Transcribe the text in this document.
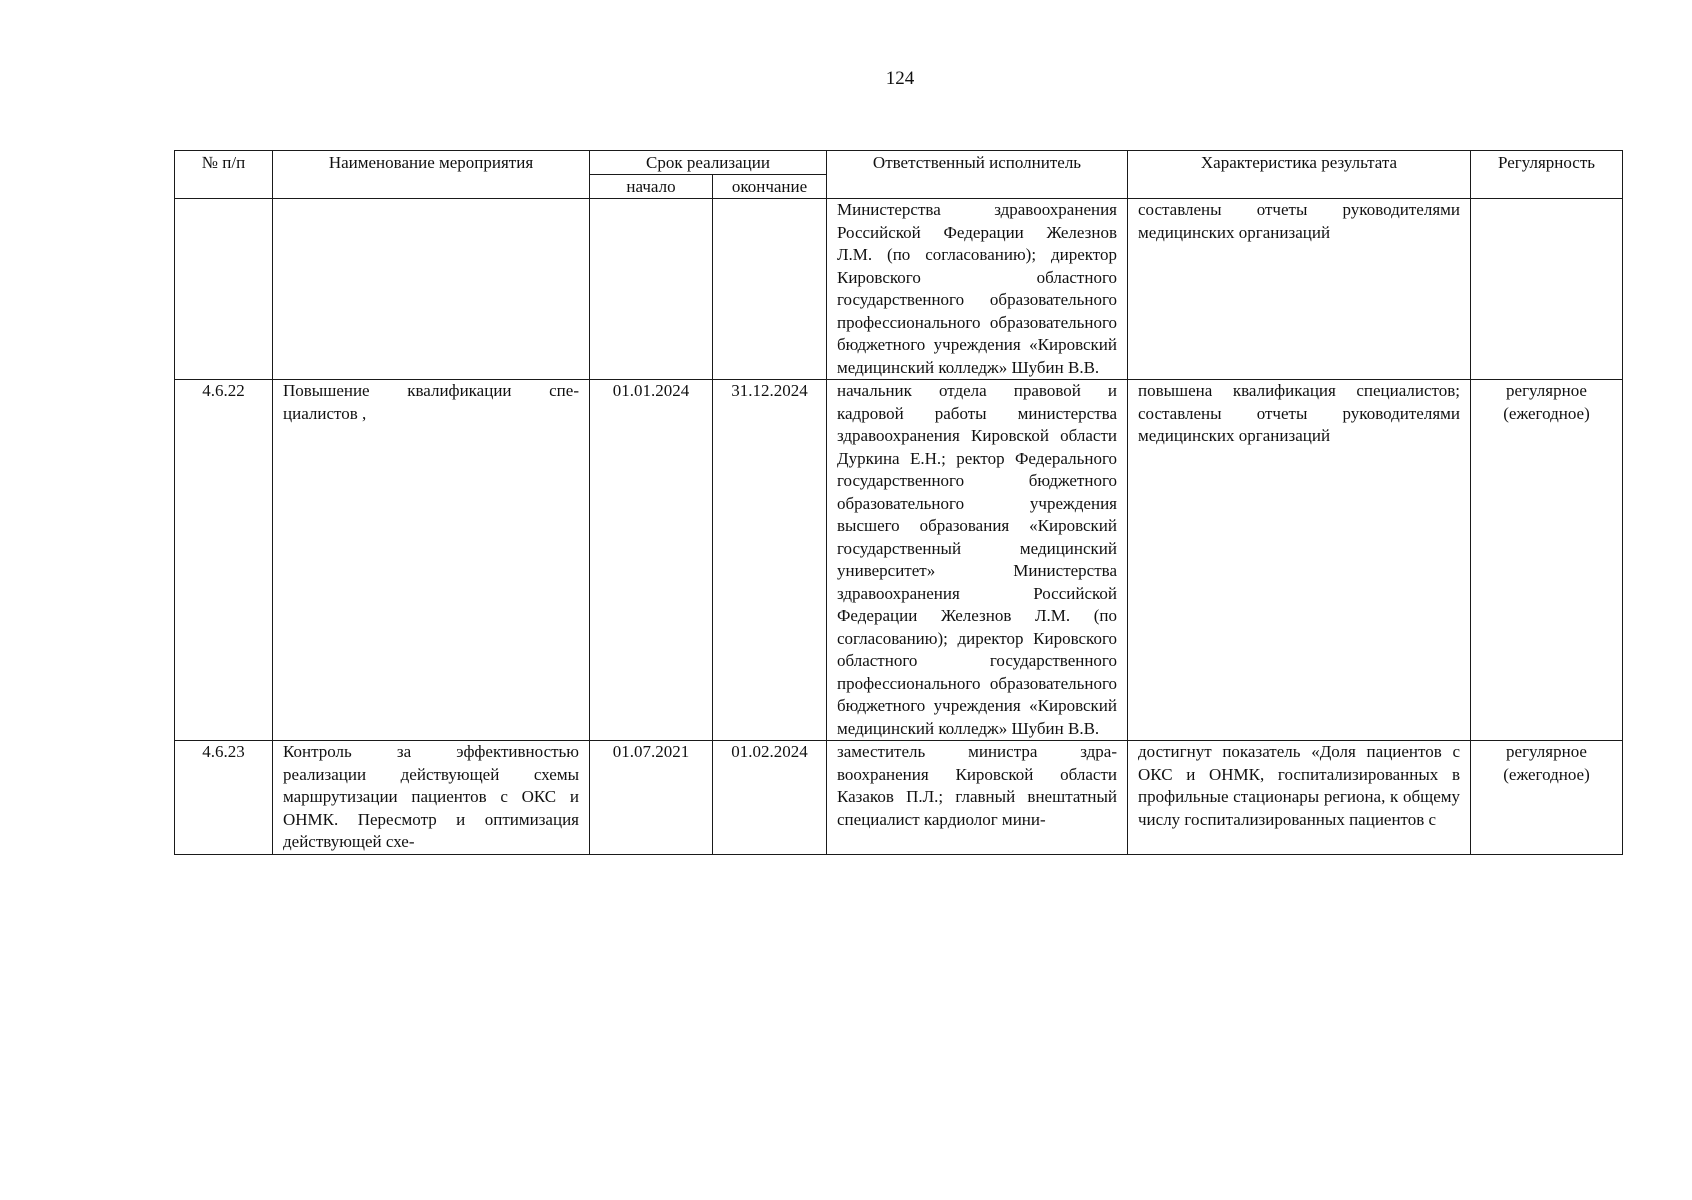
124
№ п/п	Наименование мероприятия	Срок реализации		Ответственный исполнитель	Характеристика результата	Регулярность
		начало	окончание			
				Министерства здравоохранения Российской Федерации Железнов Л.М. (по согласованию); директор Кировского областного государственного образовательного профессионального образовательного бюджетного учреждения «Кировский медицинский колледж» Шубин В.В.	составлены отчеты руководителями медицинских организаций	
4.6.22	Повышение квалификации специалистов ,	01.01.2024	31.12.2024	начальник отдела правовой и кадровой работы министерства здравоохранения Кировской области Дуркина Е.Н.; ректор Федерального государственного бюджетного образовательного учреждения высшего образования «Кировский государственный медицинский университет» Министерства здравоохранения Российской Федерации Железнов Л.М. (по согласованию); директор Кировского областного государственного профессионального образовательного бюджетного учреждения «Кировский медицинский колледж» Шубин В.В.	повышена квалификация специалистов; составлены отчеты руководителями медицинских организаций	регулярное (ежегодное)
4.6.23	Контроль за эффективностью реализации действующей схемы маршрутизации пациентов с ОКС и ОНМК. Пересмотр и оптимизация действующей схе-	01.07.2021	01.02.2024	заместитель министра здравоохранения Кировской области Казаков П.Л.; главный внештатный специалист кардиолог мини-	достигнут показатель «Доля пациентов с ОКС и ОНМК, госпитализированных в профильные стационары региона, к общему числу госпитализированных пациентов с	регулярное (ежегодное)
